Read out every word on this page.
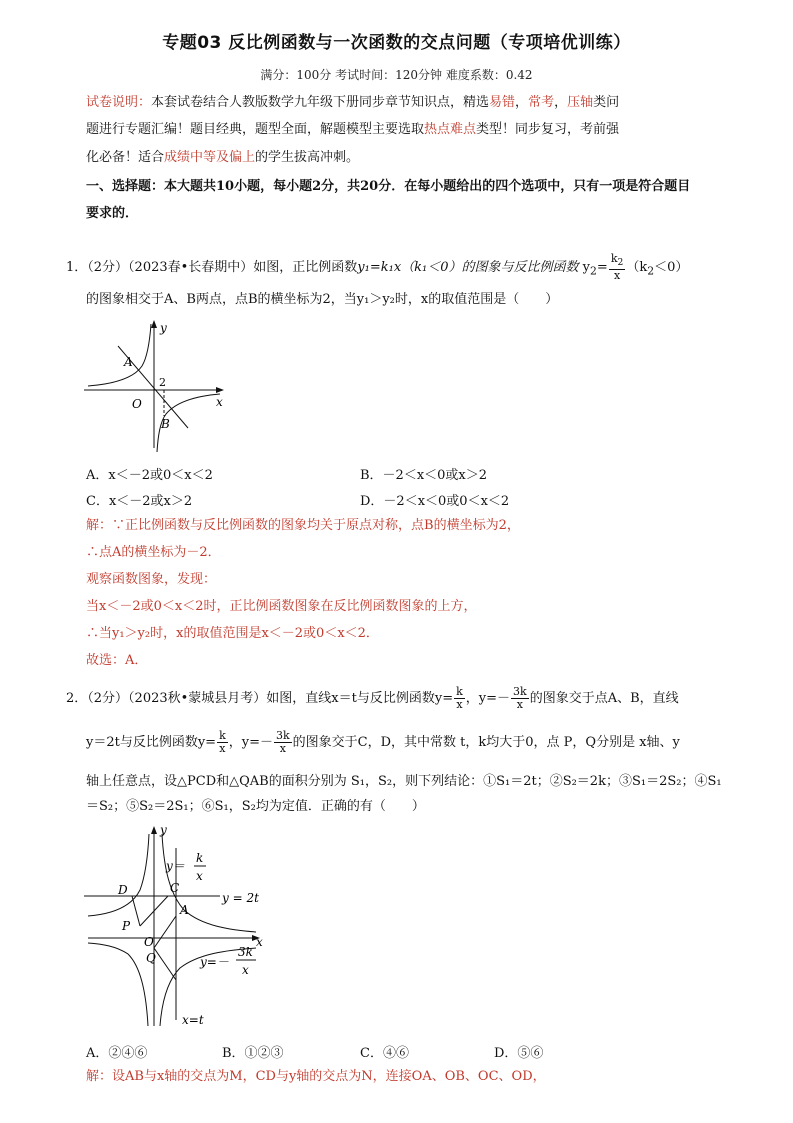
专题03 反比例函数与一次函数的交点问题（专项培优训练）
满分：100分 考试时间：120分钟 难度系数：0.42
试卷说明：本套试卷结合人教版数学九年级下册同步章节知识点，精选易错，常考，压轴类问
题进行专题汇编！题目经典，题型全面，解题模型主要选取热点难点类型！同步复习，考前强
化必备！适合成绩中等及偏上的学生拔高冲刺。
一、选择题：本大题共10小题，每小题2分，共20分．在每小题给出的四个选项中，只有一项是符合题目
要求的．
1．（2分）（2023春•长春期中）如图，正比例函数y₁=k₁x（k₁＜0）的图象与反比例函数 $y_2= \frac{k_2}{x} (k_2<0)$
的图象相交于A、B两点，点B的横坐标为2，当y₁＞y₂时，x的取值范围是（　　）
y
x
O
A
B
2
A．x＜－2或0＜x＜2	B．－2＜x＜0或x＞2
C．x＜－2或x＞2	D．－2＜x＜0或0＜x＜2
解：∵正比例函数与反比例函数的图象均关于原点对称，点B的横坐标为2，
∴点A的横坐标为－2．
观察函数图象，发现：
当x＜－2或0＜x＜2时，正比例函数图象在反比例函数图象的上方，
∴当y₁＞y₂时，x的取值范围是x＜－2或0＜x＜2．
故选：A．
2．（2分）（2023秋•蒙城县月考）如图，直线x＝t与反比例函数$y= \frac{k}{x}$ ，$y=- \frac{3k}{x}$ 的图象交于点A、B，直线
y＝2t与反比例函数$y= \frac{k}{x}$ ，$y=- \frac{3k}{x}$ 的图象交于C，D，其中常数 t，k均大于0，点 P，Q分别是 x轴、y
轴上任意点，设△PCD和△QAB的面积分别为 S₁，S₂，则下列结论：①S₁＝2t；②S₂＝2k；③S₁＝2S₂；④S₁
＝S₂；⑤S₂＝2S₁；⑥S₁，S₂均为定值．正确的有（　　）
y
x
O
A
C
D
P
Q
y＝
k
x
y = 2t
y=－
3k
x
x=t
A．②④⑥	B．①②③	C．④⑥	D．⑤⑥
解：设AB与x轴的交点为M，CD与y轴的交点为N，连接OA、OB、OC、OD，
